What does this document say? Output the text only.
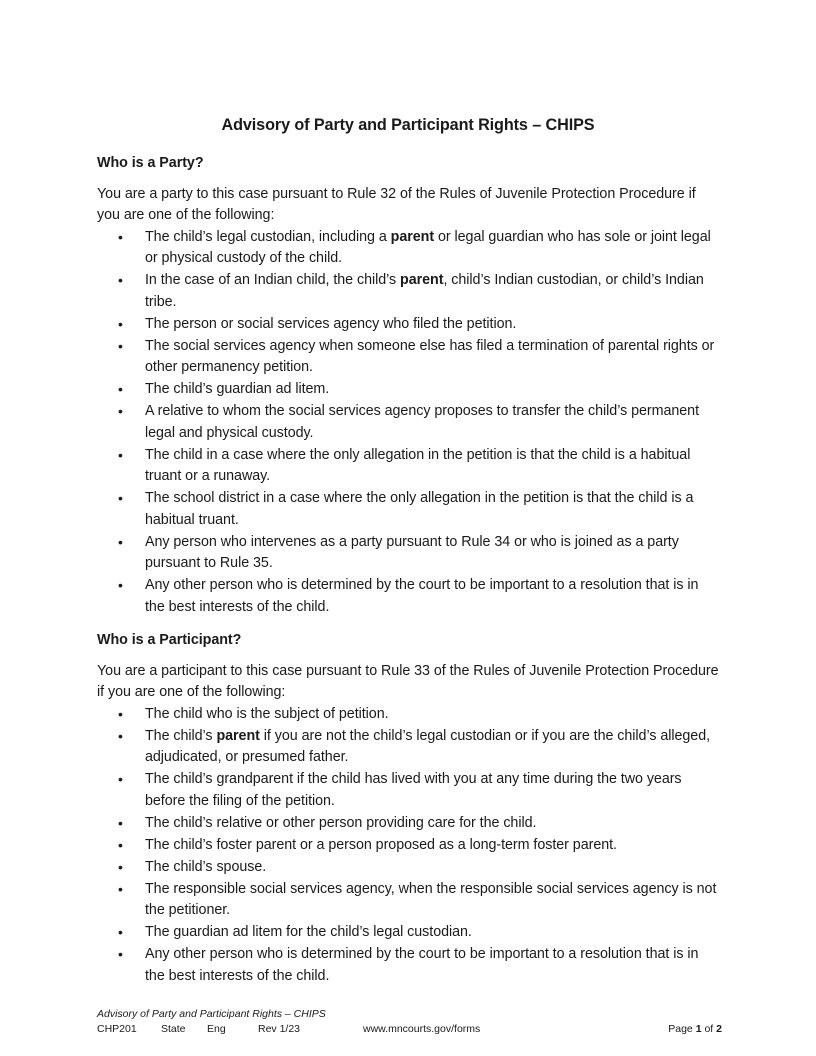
Advisory of Party and Participant Rights – CHIPS
Who is a Party?

You are a party to this case pursuant to Rule 32 of the Rules of Juvenile Protection Procedure if you are one of the following:

• The child’s legal custodian, including a parent or legal guardian who has sole or joint legal or physical custody of the child.
• In the case of an Indian child, the child’s parent, child’s Indian custodian, or child’s Indian tribe.
• The person or social services agency who filed the petition.
• The social services agency when someone else has filed a termination of parental rights or other permanency petition.
• The child’s guardian ad litem.
• A relative to whom the social services agency proposes to transfer the child’s permanent legal and physical custody.
• The child in a case where the only allegation in the petition is that the child is a habitual truant or a runaway.
• The school district in a case where the only allegation in the petition is that the child is a habitual truant.
• Any person who intervenes as a party pursuant to Rule 34 or who is joined as a party pursuant to Rule 35.
• Any other person who is determined by the court to be important to a resolution that is in the best interests of the child.
Who is a Participant?

You are a participant to this case pursuant to Rule 33 of the Rules of Juvenile Protection Procedure if you are one of the following:

• The child who is the subject of petition.
• The child’s parent if you are not the child’s legal custodian or if you are the child’s alleged, adjudicated, or presumed father.
• The child’s grandparent if the child has lived with you at any time during the two years before the filing of the petition.
• The child’s relative or other person providing care for the child.
• The child’s foster parent or a person proposed as a long-term foster parent.
• The child’s spouse.
• The responsible social services agency, when the responsible social services agency is not the petitioner.
• The guardian ad litem for the child’s legal custodian.
• Any other person who is determined by the court to be important to a resolution that is in the best interests of the child.
Advisory of Party and Participant Rights – CHIPS
CHP201 State Eng	Rev 1/23	www.mncourts.gov/forms	Page 1 of 2
